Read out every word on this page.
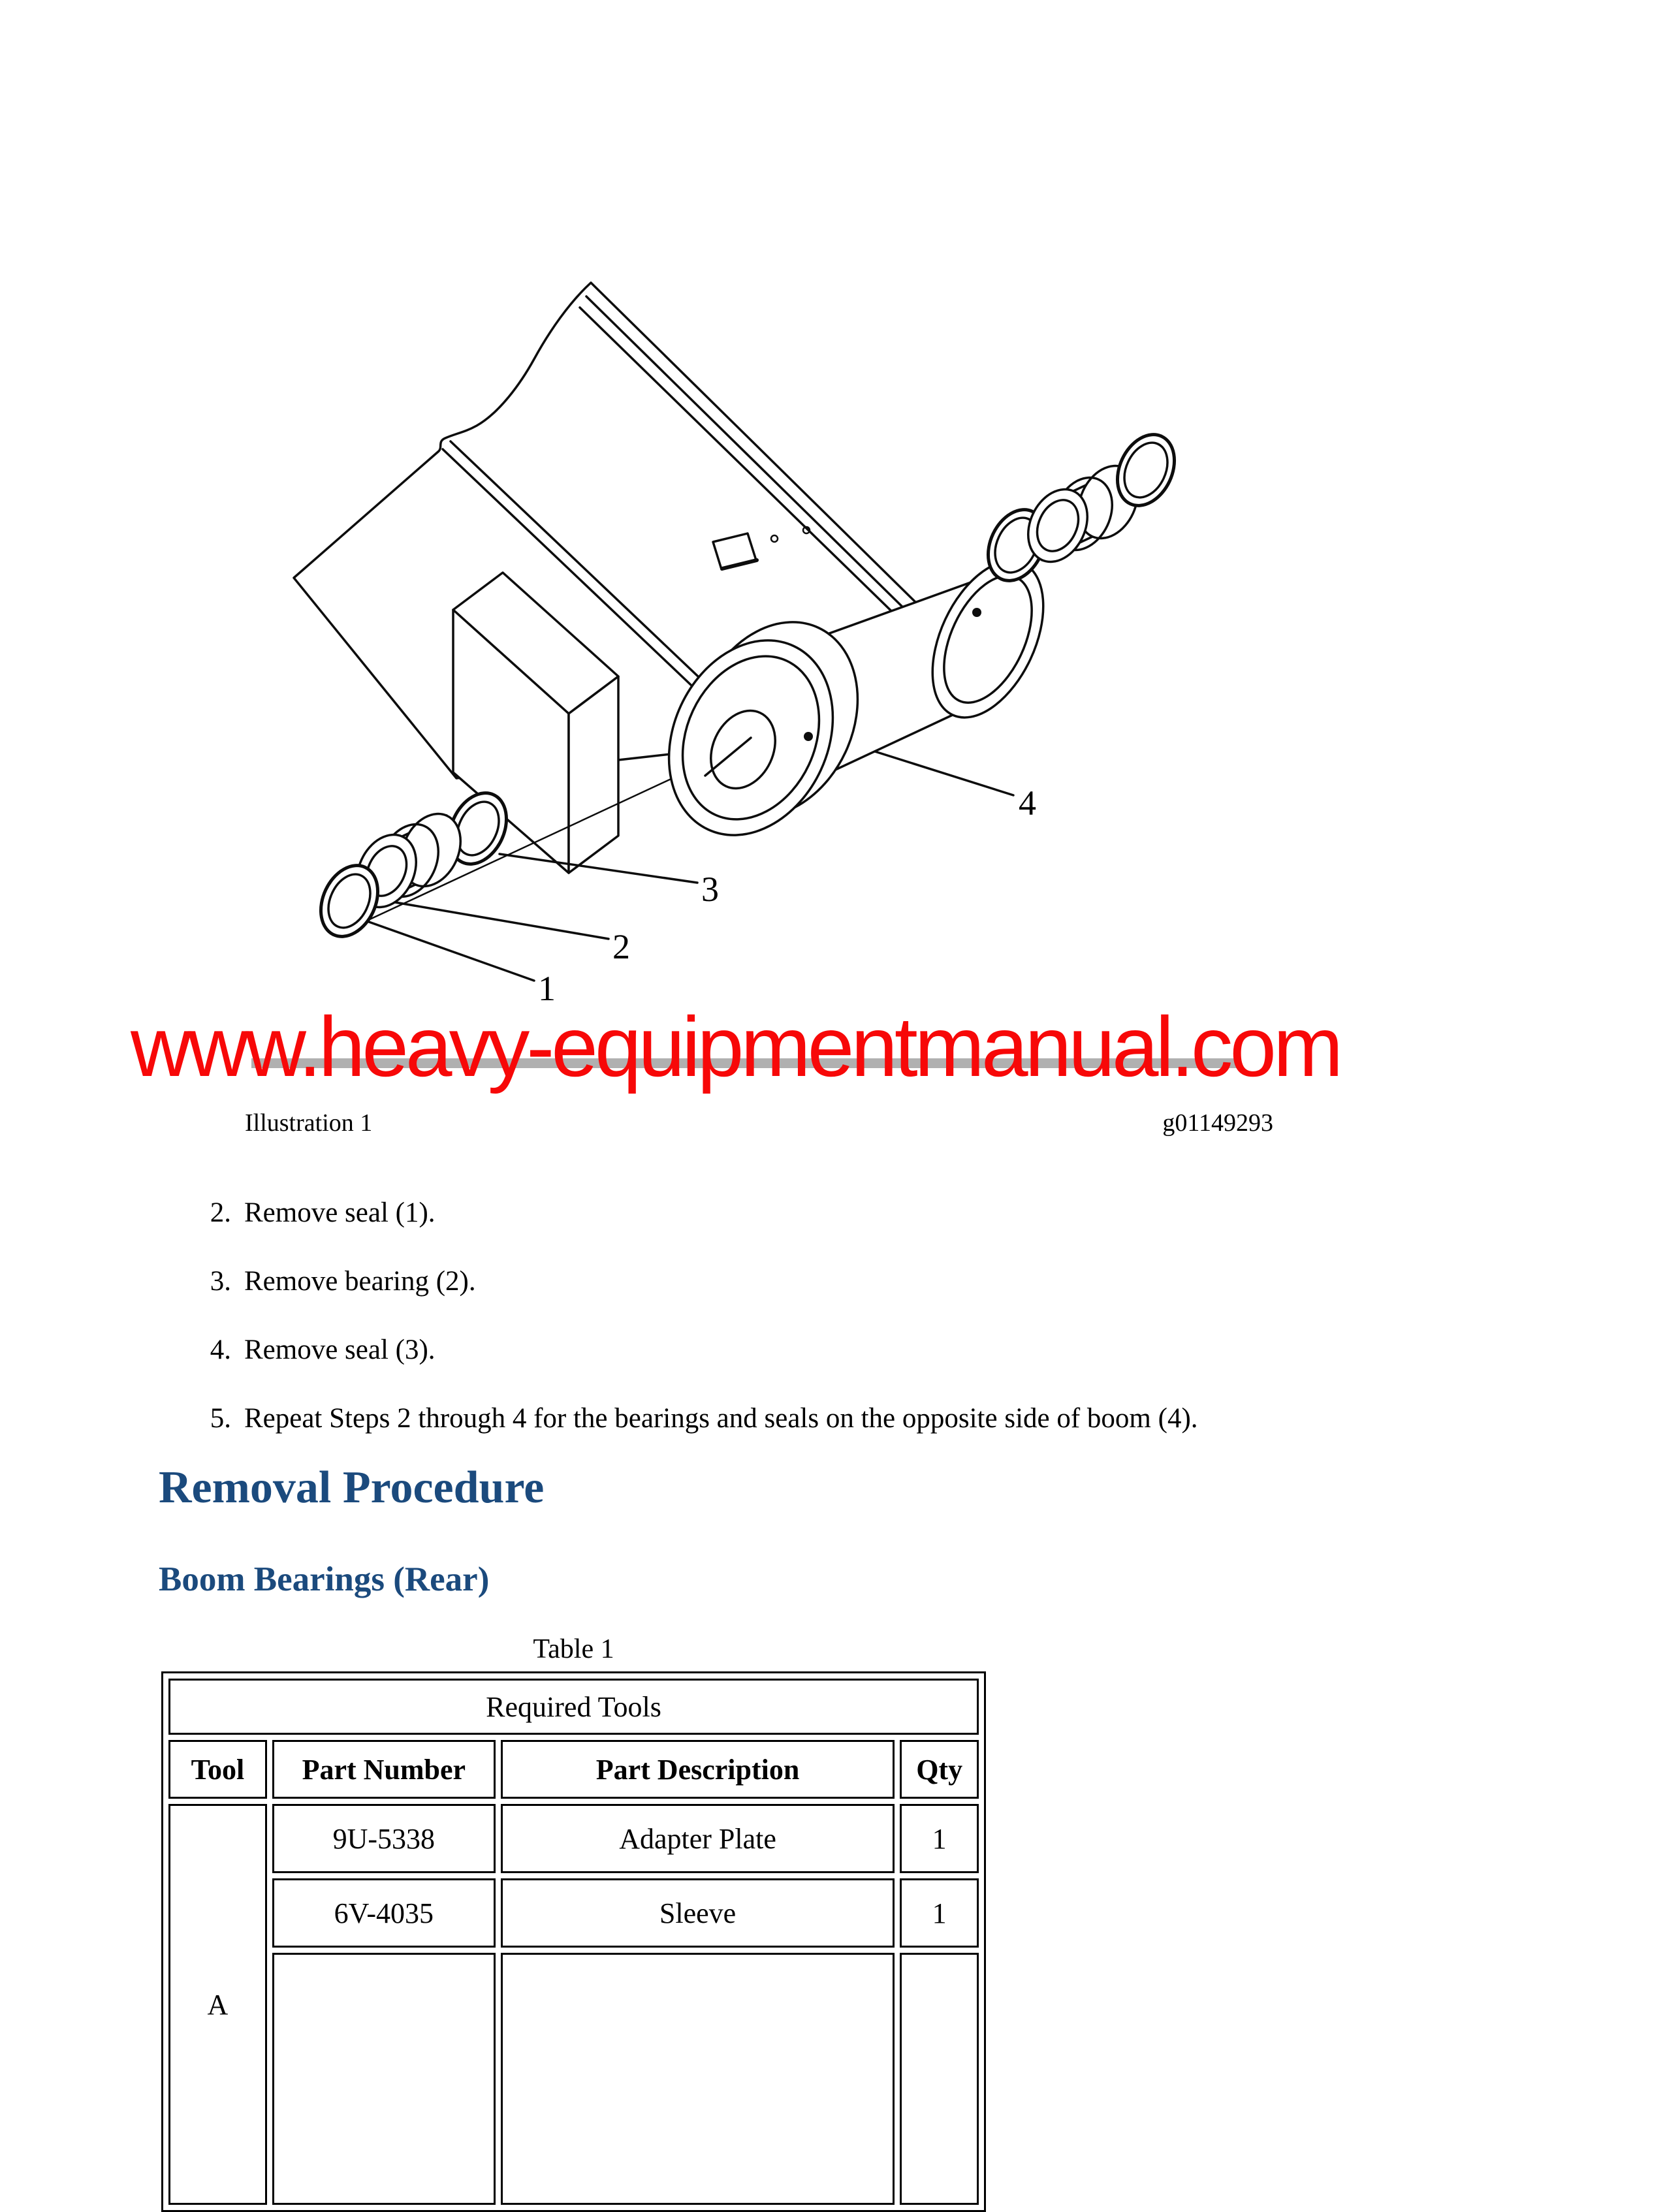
1
2
3
4
www.heavy-equipmentmanual.com
Illustration 1	g01149293
2. Remove seal (1).
3. Remove bearing (2).
4. Remove seal (3).
5. Repeat Steps 2 through 4 for the bearings and seals on the opposite side of boom (4).
Removal Procedure
Boom Bearings (Rear)
Table 1
Required Tools			
Tool	Part Number	Part Description	Qty
A	9U-5338	Adapter Plate	1
	6V-4035	Sleeve	1
